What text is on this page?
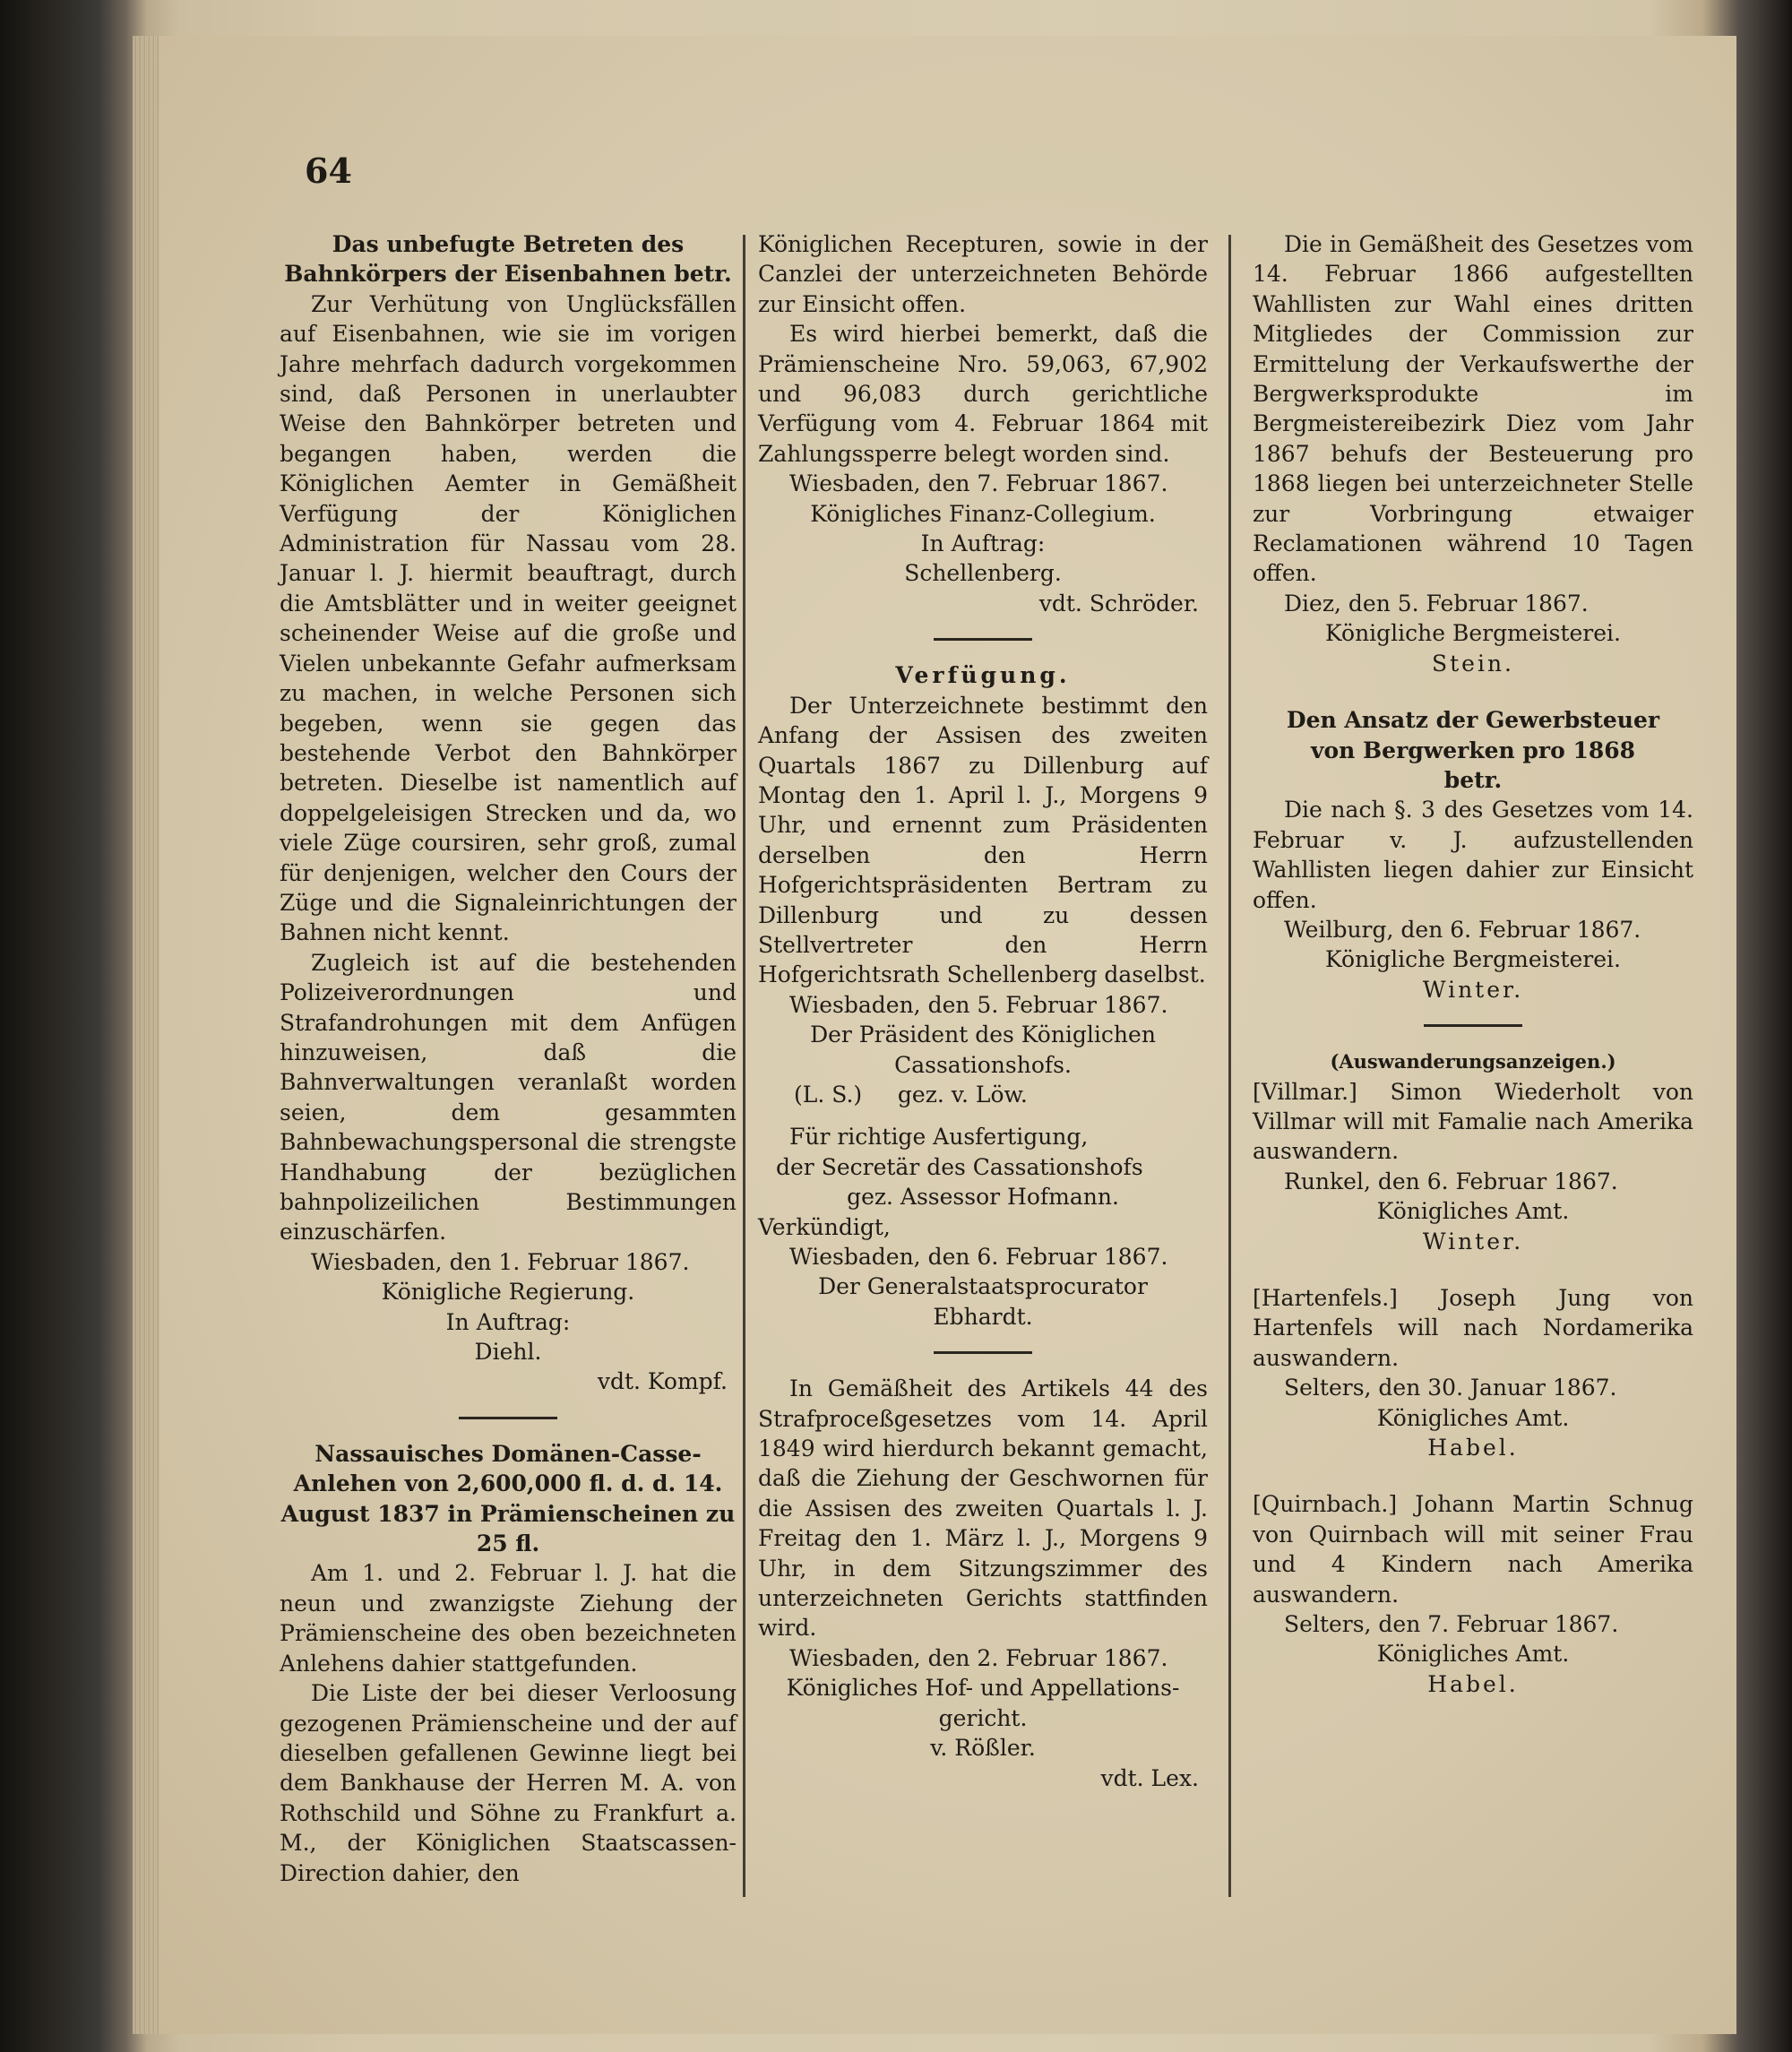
64

Das unbefugte Betreten des Bahnkörpers der Eisenbahnen betr.

Zur Verhütung von Unglücksfällen auf Eisenbahnen, wie sie im vorigen Jahre mehrfach dadurch vorgekommen sind, daß Personen in unerlaubter Weise den Bahnkörper betreten und begangen haben, werden die Königlichen Aemter in Gemäßheit Verfügung der Königlichen Administration für Nassau vom 28. Januar l. J. hiermit beauftragt, durch die Amtsblätter und in weiter geeignet scheinender Weise auf die große und Vielen unbekannte Gefahr aufmerksam zu machen, in welche Personen sich begeben, wenn sie gegen das bestehende Verbot den Bahnkörper betreten. Dieselbe ist namentlich auf doppelgeleisigen Strecken und da, wo viele Züge coursiren, sehr groß, zumal für denjenigen, welcher den Cours der Züge und die Signaleinrichtungen der Bahnen nicht kennt.

Zugleich ist auf die bestehenden Polizeiverordnungen und Strafandrohungen mit dem Anfügen hinzuweisen, daß die Bahnverwaltungen veranlaßt worden seien, dem gesammten Bahnbewachungspersonal die strengste Handhabung der bezüglichen bahnpolizeilichen Bestimmungen einzuschärfen.

Wiesbaden, den 1. Februar 1867.

Königliche Regierung.

In Auftrag:

Diehl.

vdt. Kompf.

Nassauisches Domänen-Casse-Anlehen von 2,600,000 fl. d. d. 14. August 1837 in Prämienscheinen zu 25 fl.

Am 1. und 2. Februar l. J. hat die neun und zwanzigste Ziehung der Prämienscheine des oben bezeichneten Anlehens dahier stattgefunden.

Die Liste der bei dieser Verloosung gezogenen Prämienscheine und der auf dieselben gefallenen Gewinne liegt bei dem Bankhause der Herren M. A. von Rothschild und Söhne zu Frankfurt a. M., der Königlichen Staatscassen-Direction dahier, den

Königlichen Recepturen, sowie in der Canzlei der unterzeichneten Behörde zur Einsicht offen.

Es wird hierbei bemerkt, daß die Prämienscheine Nro. 59,063, 67,902 und 96,083 durch gerichtliche Verfügung vom 4. Februar 1864 mit Zahlungssperre belegt worden sind.

Wiesbaden, den 7. Februar 1867.

Königliches Finanz-Collegium.

In Auftrag:

Schellenberg.

vdt. Schröder.

Verfügung.

Der Unterzeichnete bestimmt den Anfang der Assisen des zweiten Quartals 1867 zu Dillenburg auf Montag den 1. April l. J., Morgens 9 Uhr, und ernennt zum Präsidenten derselben den Herrn Hofgerichtspräsidenten Bertram zu Dillenburg und zu dessen Stellvertreter den Herrn Hofgerichtsrath Schellenberg daselbst.

Wiesbaden, den 5. Februar 1867.

Der Präsident des Königlichen

Cassationshofs.

(L. S.) gez. v. Löw.

Für richtige Ausfertigung,

der Secretär des Cassationshofs

gez. Assessor Hofmann.

Verkündigt,

Wiesbaden, den 6. Februar 1867.

Der Generalstaatsprocurator

Ebhardt.

In Gemäßheit des Artikels 44 des Strafproceßgesetzes vom 14. April 1849 wird hierdurch bekannt gemacht, daß die Ziehung der Geschwornen für die Assisen des zweiten Quartals l. J. Freitag den 1. März l. J., Morgens 9 Uhr, in dem Sitzungszimmer des unterzeichneten Gerichts stattfinden wird.

Wiesbaden, den 2. Februar 1867.

Königliches Hof- und Appellations-

gericht.

v. Rößler.

vdt. Lex.

Die in Gemäßheit des Gesetzes vom 14. Februar 1866 aufgestellten Wahllisten zur Wahl eines dritten Mitgliedes der Commission zur Ermittelung der Verkaufswerthe der Bergwerksprodukte im Bergmeistereibezirk Diez vom Jahr 1867 behufs der Besteuerung pro 1868 liegen bei unterzeichneter Stelle zur Vorbringung etwaiger Reclamationen während 10 Tagen offen.

Diez, den 5. Februar 1867.

Königliche Bergmeisterei.

Stein.

Den Ansatz der Gewerbsteuer von Bergwerken pro 1868 betr.

Die nach §. 3 des Gesetzes vom 14. Februar v. J. aufzustellenden Wahllisten liegen dahier zur Einsicht offen.

Weilburg, den 6. Februar 1867.

Königliche Bergmeisterei.

Winter.

(Auswanderungsanzeigen.)

[Villmar.] Simon Wiederholt von Villmar will mit Famalie nach Amerika auswandern.

Runkel, den 6. Februar 1867.

Königliches Amt.

Winter.

[Hartenfels.] Joseph Jung von Hartenfels will nach Nordamerika auswandern.

Selters, den 30. Januar 1867.

Königliches Amt.

Habel.

[Quirnbach.] Johann Martin Schnug von Quirnbach will mit seiner Frau und 4 Kindern nach Amerika auswandern.

Selters, den 7. Februar 1867.

Königliches Amt.

Habel.
